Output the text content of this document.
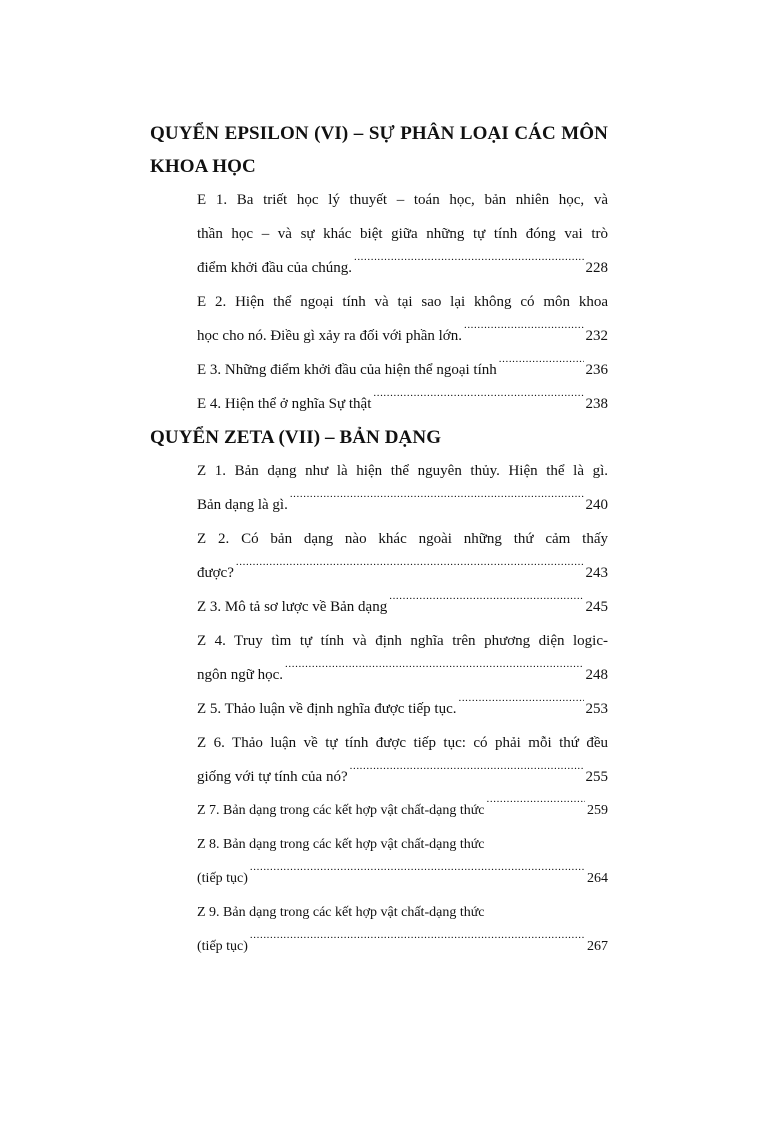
QUYỂN EPSILON (VI) – SỰ PHÂN LOẠI CÁC MÔN
KHOA HỌC
E 1. Ba triết học lý thuyết – toán học, bản nhiên học, và
thần học – và sự khác biệt giữa những tự tính đóng vai trò
điểm khởi đầu của chúng. .....	228
E 2. Hiện thể ngoại tính và tại sao lại không có môn khoa
học cho nó. Điều gì xảy ra đối với phần lớn. .....	232
E 3. Những điểm khởi đầu của hiện thể ngoại tính .....	236
E 4. Hiện thể ở nghĩa Sự thật .....	238
QUYỂN ZETA (VII) – BẢN DẠNG
Z 1. Bản dạng như là hiện thể nguyên thủy. Hiện thể là gì.
Bản dạng là gì. .....	240
Z 2. Có bản dạng nào khác ngoài những thứ cảm thấy
được? .....	243
Z 3. Mô tả sơ lược về Bản dạng .....	245
Z 4. Truy tìm tự tính và định nghĩa trên phương diện logic-
ngôn ngữ học. .....	248
Z 5. Thảo luận về định nghĩa được tiếp tục. .....	253
Z 6. Thảo luận về tự tính được tiếp tục: có phải mỗi thứ đều
giống với tự tính của nó? .....	255
Z 7. Bản dạng trong các kết hợp vật chất-dạng thức .....	259
Z 8. Bản dạng trong các kết hợp vật chất-dạng thức
(tiếp tục) .....	264
Z 9. Bản dạng trong các kết hợp vật chất-dạng thức
(tiếp tục) .....	267
